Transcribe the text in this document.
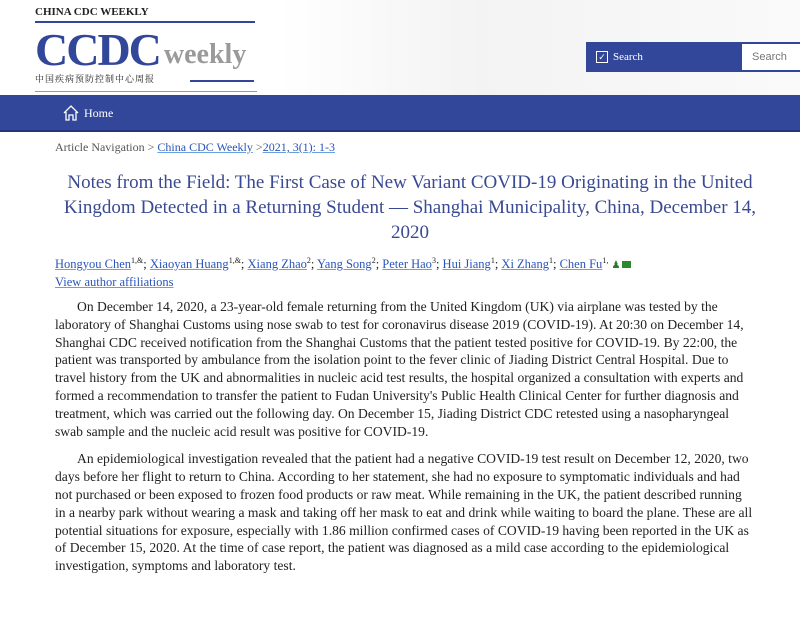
CHINA CDC WEEKLY
CCDC weekly
中国疾病预防控制中心周报
✓ Search
Search
Home
Article Navigation > China CDC Weekly >2021, 3(1): 1-3
Notes from the Field: The First Case of New Variant COVID-19 Originating in the United Kingdom Detected in a Returning Student — Shanghai Municipality, China, December 14, 2020
Hongyou Chen$^{1,\&}$; Xiaoyan Huang$^{1,\&}$; Xiang Zhao$^2$; Yang Song$^2$; Peter Hao$^3$; Hui Jiang$^1$; Xi Zhang$^1$; Chen $Fu^{1,}$ ♟
View author affiliations

On December 14, 2020, a 23-year-old female returning from the United Kingdom (UK) via airplane was tested by the laboratory of Shanghai Customs using nose swab to test for coronavirus disease 2019 (COVID-19). At 20:30 on December 14, Shanghai CDC received notification from the Shanghai Customs that the patient tested positive for COVID-19. By 22:00, the patient was transported by ambulance from the isolation point to the fever clinic of Jiading District Central Hospital. Due to travel history from the UK and abnormalities in nucleic acid test results, the hospital organized a consultation with experts and formed a recommendation to transfer the patient to Fudan University's Public Health Clinical Center for further diagnosis and treatment, which was carried out the following day. On December 15, Jiading District CDC retested using a nasopharyngeal swab sample and the nucleic acid result was positive for COVID-19.

An epidemiological investigation revealed that the patient had a negative COVID-19 test result on December 12, 2020, two days before her flight to return to China. According to her statement, she had no exposure to symptomatic individuals and had not purchased or been exposed to frozen food products or raw meat. While remaining in the UK, the patient described running in a nearby park without wearing a mask and taking off her mask to eat and drink while waiting to board the plane. These are all potential situations for exposure, especially with 1.86 million confirmed cases of COVID-19 having been reported in the UK as of December 15, 2020. At the time of case report, the patient was diagnosed as a mild case according to the epidemiological investigation, symptoms and laboratory test.
